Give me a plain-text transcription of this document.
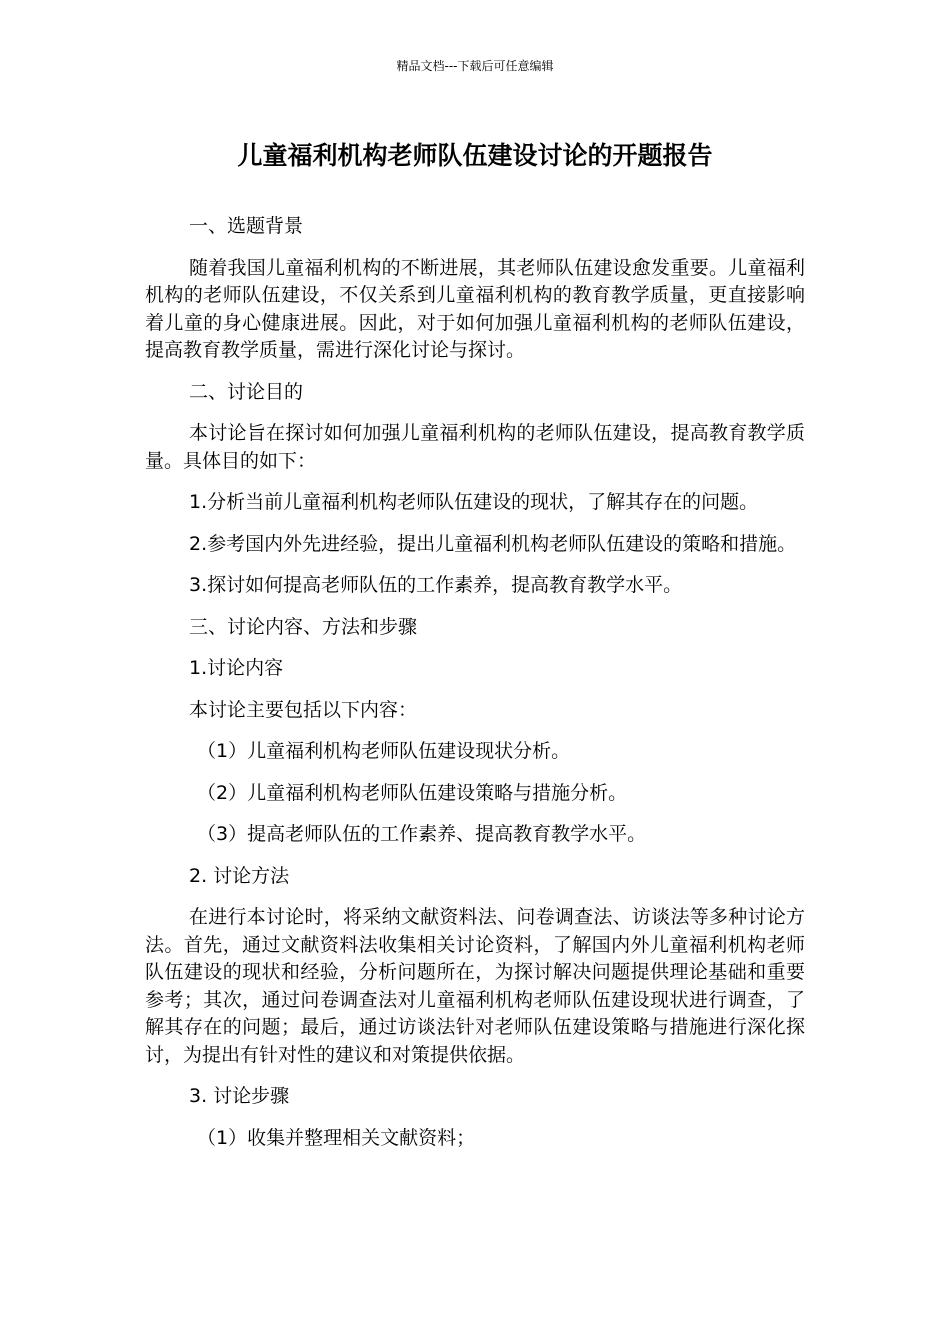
精品文档---下载后可任意编辑
儿童福利机构老师队伍建设讨论的开题报告

一、选题背景

随着我国儿童福利机构的不断进展，其老师队伍建设愈发重要。儿童福利机构的老师队伍建设，不仅关系到儿童福利机构的教育教学质量，更直接影响着儿童的身心健康进展。因此，对于如何加强儿童福利机构的老师队伍建设，提高教育教学质量，需进行深化讨论与探讨。

二、讨论目的

本讨论旨在探讨如何加强儿童福利机构的老师队伍建设，提高教育教学质量。具体目的如下：

1.分析当前儿童福利机构老师队伍建设的现状，了解其存在的问题。

2.参考国内外先进经验，提出儿童福利机构老师队伍建设的策略和措施。

3.探讨如何提高老师队伍的工作素养，提高教育教学水平。

三、讨论内容、方法和步骤

1.讨论内容

本讨论主要包括以下内容：

（1）儿童福利机构老师队伍建设现状分析。

（2）儿童福利机构老师队伍建设策略与措施分析。

（3）提高老师队伍的工作素养、提高教育教学水平。

2. 讨论方法

在进行本讨论时，将采纳文献资料法、问卷调查法、访谈法等多种讨论方法。首先，通过文献资料法收集相关讨论资料，了解国内外儿童福利机构老师队伍建设的现状和经验，分析问题所在，为探讨解决问题提供理论基础和重要参考；其次，通过问卷调查法对儿童福利机构老师队伍建设现状进行调查，了解其存在的问题；最后，通过访谈法针对老师队伍建设策略与措施进行深化探讨，为提出有针对性的建议和对策提供依据。

3. 讨论步骤

（1）收集并整理相关文献资料；
